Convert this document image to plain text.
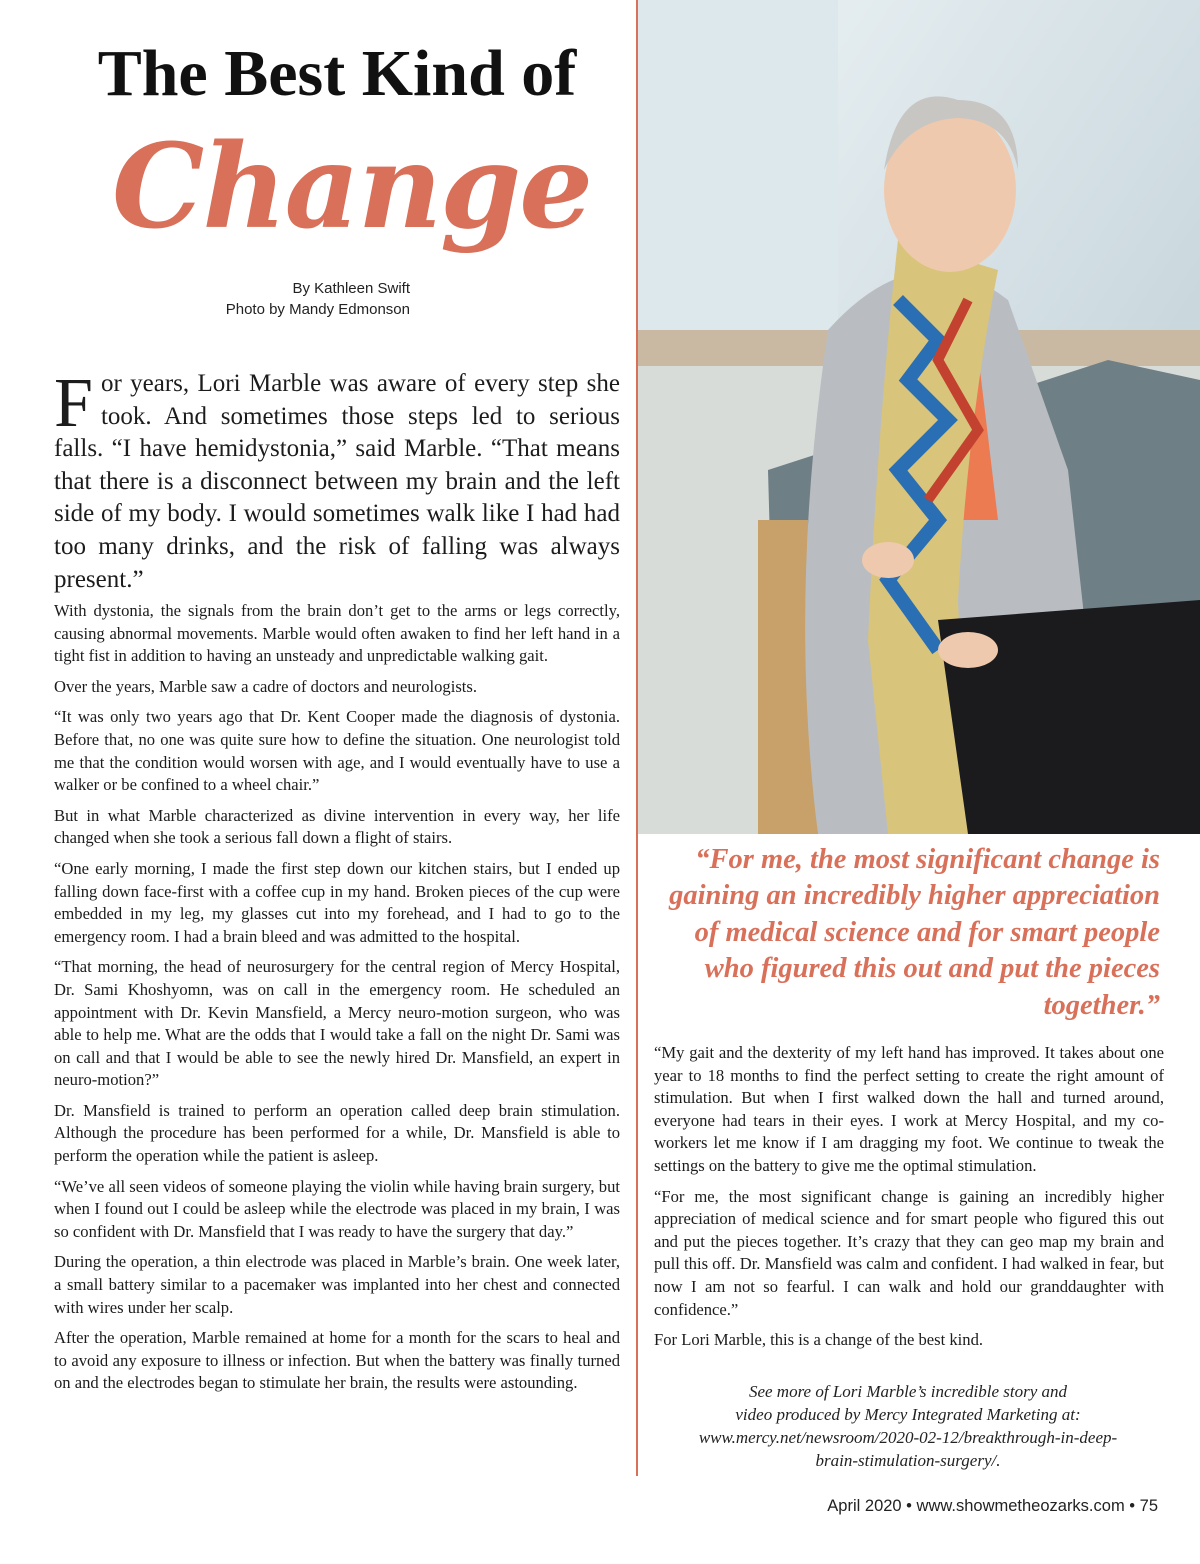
The Best Kind of
Change
By Kathleen Swift
Photo by Mandy Edmonson

For years, Lori Marble was aware of every step she took. And sometimes those steps led to serious falls. “I have hemidystonia,” said Marble. “That means that there is a disconnect between my brain and the left side of my body. I would sometimes walk like I had had too many drinks, and the risk of falling was always present.”

With dystonia, the signals from the brain don’t get to the arms or legs correctly, causing abnormal movements. Marble would often awaken to find her left hand in a tight fist in addition to having an unsteady and unpredictable walking gait.

Over the years, Marble saw a cadre of doctors and neurologists.

“It was only two years ago that Dr. Kent Cooper made the diagnosis of dystonia. Before that, no one was quite sure how to define the situation. One neurologist told me that the condition would worsen with age, and I would eventually have to use a walker or be confined to a wheel chair.”

But in what Marble characterized as divine intervention in every way, her life changed when she took a serious fall down a flight of stairs.

“One early morning, I made the first step down our kitchen stairs, but I ended up falling down face-first with a coffee cup in my hand. Broken pieces of the cup were embedded in my leg, my glasses cut into my forehead, and I had to go to the emergency room. I had a brain bleed and was admitted to the hospital.

“That morning, the head of neurosurgery for the central region of Mercy Hospital, Dr. Sami Khoshyomn, was on call in the emergency room. He scheduled an appointment with Dr. Kevin Mansfield, a Mercy neuro-motion surgeon, who was able to help me. What are the odds that I would take a fall on the night Dr. Sami was on call and that I would be able to see the newly hired Dr. Mansfield, an expert in neuro-motion?”

Dr. Mansfield is trained to perform an operation called deep brain stimulation. Although the procedure has been performed for a while, Dr. Mansfield is able to perform the operation while the patient is asleep.

“We’ve all seen videos of someone playing the violin while having brain surgery, but when I found out I could be asleep while the electrode was placed in my brain, I was so confident with Dr. Mansfield that I was ready to have the surgery that day.”

During the operation, a thin electrode was placed in Marble’s brain. One week later, a small battery similar to a pacemaker was implanted into her chest and connected with wires under her scalp.

After the operation, Marble remained at home for a month for the scars to heal and to avoid any exposure to illness or infection. But when the battery was finally turned on and the electrodes began to stimulate her brain, the results were astounding.

“For me, the most significant change is gaining an incredibly higher appreciation of medical science and for smart people who figured this out and put the pieces together.”

“My gait and the dexterity of my left hand has improved. It takes about one year to 18 months to find the perfect setting to create the right amount of stimulation. But when I first walked down the hall and turned around, everyone had tears in their eyes. I work at Mercy Hospital, and my co-workers let me know if I am dragging my foot. We continue to tweak the settings on the battery to give me the optimal stimulation.

“For me, the most significant change is gaining an incredibly higher appreciation of medical science and for smart people who figured this out and put the pieces together. It’s crazy that they can geo map my brain and pull this off. Dr. Mansfield was calm and confident. I had walked in fear, but now I am not so fearful. I can walk and hold our granddaughter with confidence.”

For Lori Marble, this is a change of the best kind.

See more of Lori Marble’s incredible story and
video produced by Mercy Integrated Marketing at:
www.mercy.net/newsroom/2020-02-12/breakthrough-in-deep-
brain-stimulation-surgery/.
April 2020 • www.showmetheozarks.com • 75
